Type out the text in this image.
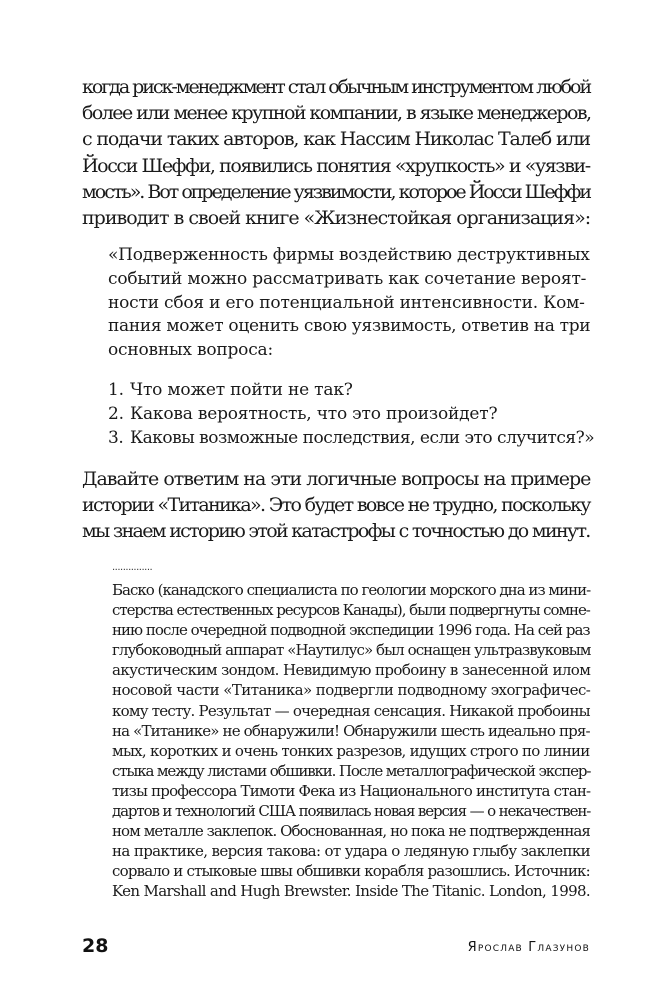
когда риск-менеджмент стал обычным инструментом любой
более или менее крупной компании, в языке менеджеров,
с подачи таких авторов, как Нассим Николас Талеб или
Йосси Шеффи, появились понятия «хрупкость» и «уязви-
мость». Вот определение уязвимости, которое Йосси Шеффи
приводит в своей книге «Жизнестойкая организация»:
«Подверженность фирмы воздействию деструктивных
событий можно рассматривать как сочетание вероят-
ности сбоя и его потенциальной интенсивности. Ком-
пания может оценить свою уязвимость, ответив на три
основных вопроса:
1. Что может пойти не так?
2. Какова вероятность, что это произойдет?
3. Каковы возможные последствия, если это случится?»
Давайте ответим на эти логичные вопросы на примере
истории «Титаника». Это будет вовсе не трудно, поскольку
мы знаем историю этой катастрофы с точностью до минут.
...............
Баско (канадского специалиста по геологии морского дна из мини-
стерства естественных ресурсов Канады), были подвергнуты сомне-
нию после очередной подводной экспедиции 1996 года. На сей раз
глубоководный аппарат «Наутилус» был оснащен ультразвуковым
акустическим зондом. Невидимую пробоину в занесенной илом
носовой части «Титаника» подвергли подводному эхографичес-
кому тесту. Результат — очередная сенсация. Никакой пробоины
на «Титанике» не обнаружили! Обнаружили шесть идеально пря-
мых, коротких и очень тонких разрезов, идущих строго по линии
стыка между листами обшивки. После металлографической экспер-
тизы профессора Тимоти Фека из Национального института стан-
дартов и технологий США появилась новая версия — о некачествен-
ном металле заклепок. Обоснованная, но пока не подтвержденная
на практике, версия такова: от удара о ледяную глыбу заклепки
сорвало и стыковые швы обшивки корабля разошлись. Источник:
Ken Marshall and Hugh Brewster. Inside The Titanic. London, 1998.
28	Ярослав Глазунов
